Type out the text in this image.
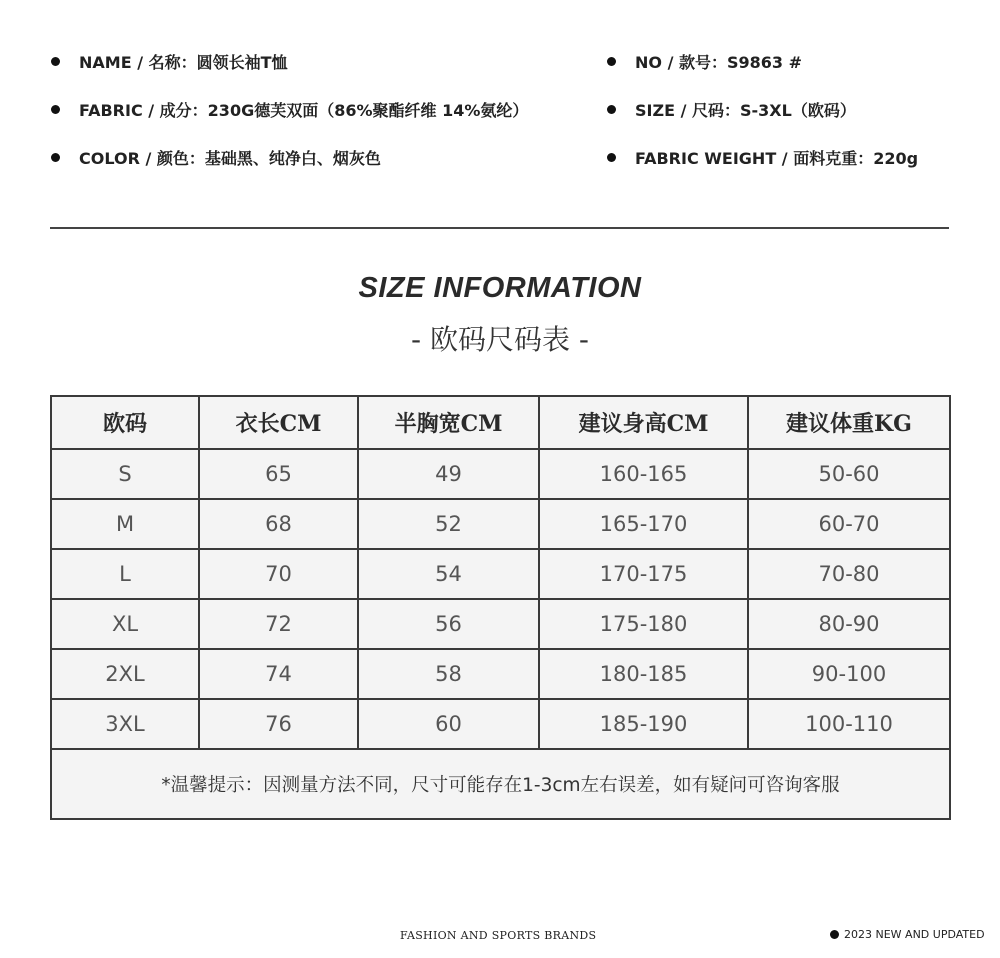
NAME / 名称：圆领长袖T恤
FABRIC / 成分：230G德芙双面（86%聚酯纤维 14%氨纶）
COLOR / 颜色：基础黑、纯净白、烟灰色
NO / 款号：S9863 #
SIZE / 尺码：S-3XL（欧码）
FABRIC WEIGHT / 面料克重：220g
SIZE INFORMATION
- 欧码尺码表 -
欧码	衣长CM	半胸宽CM	建议身高CM	建议体重KG
S	65	49	160-165	50-60
M	68	52	165-170	60-70
L	70	54	170-175	70-80
XL	72	56	175-180	80-90
2XL	74	58	180-185	90-100
3XL	76	60	185-190	100-110
*温馨提示：因测量方法不同，尺寸可能存在1-3cm左右误差，如有疑问可咨询客服				
FASHION AND SPORTS BRANDS	2023 NEW AND UPDATED
